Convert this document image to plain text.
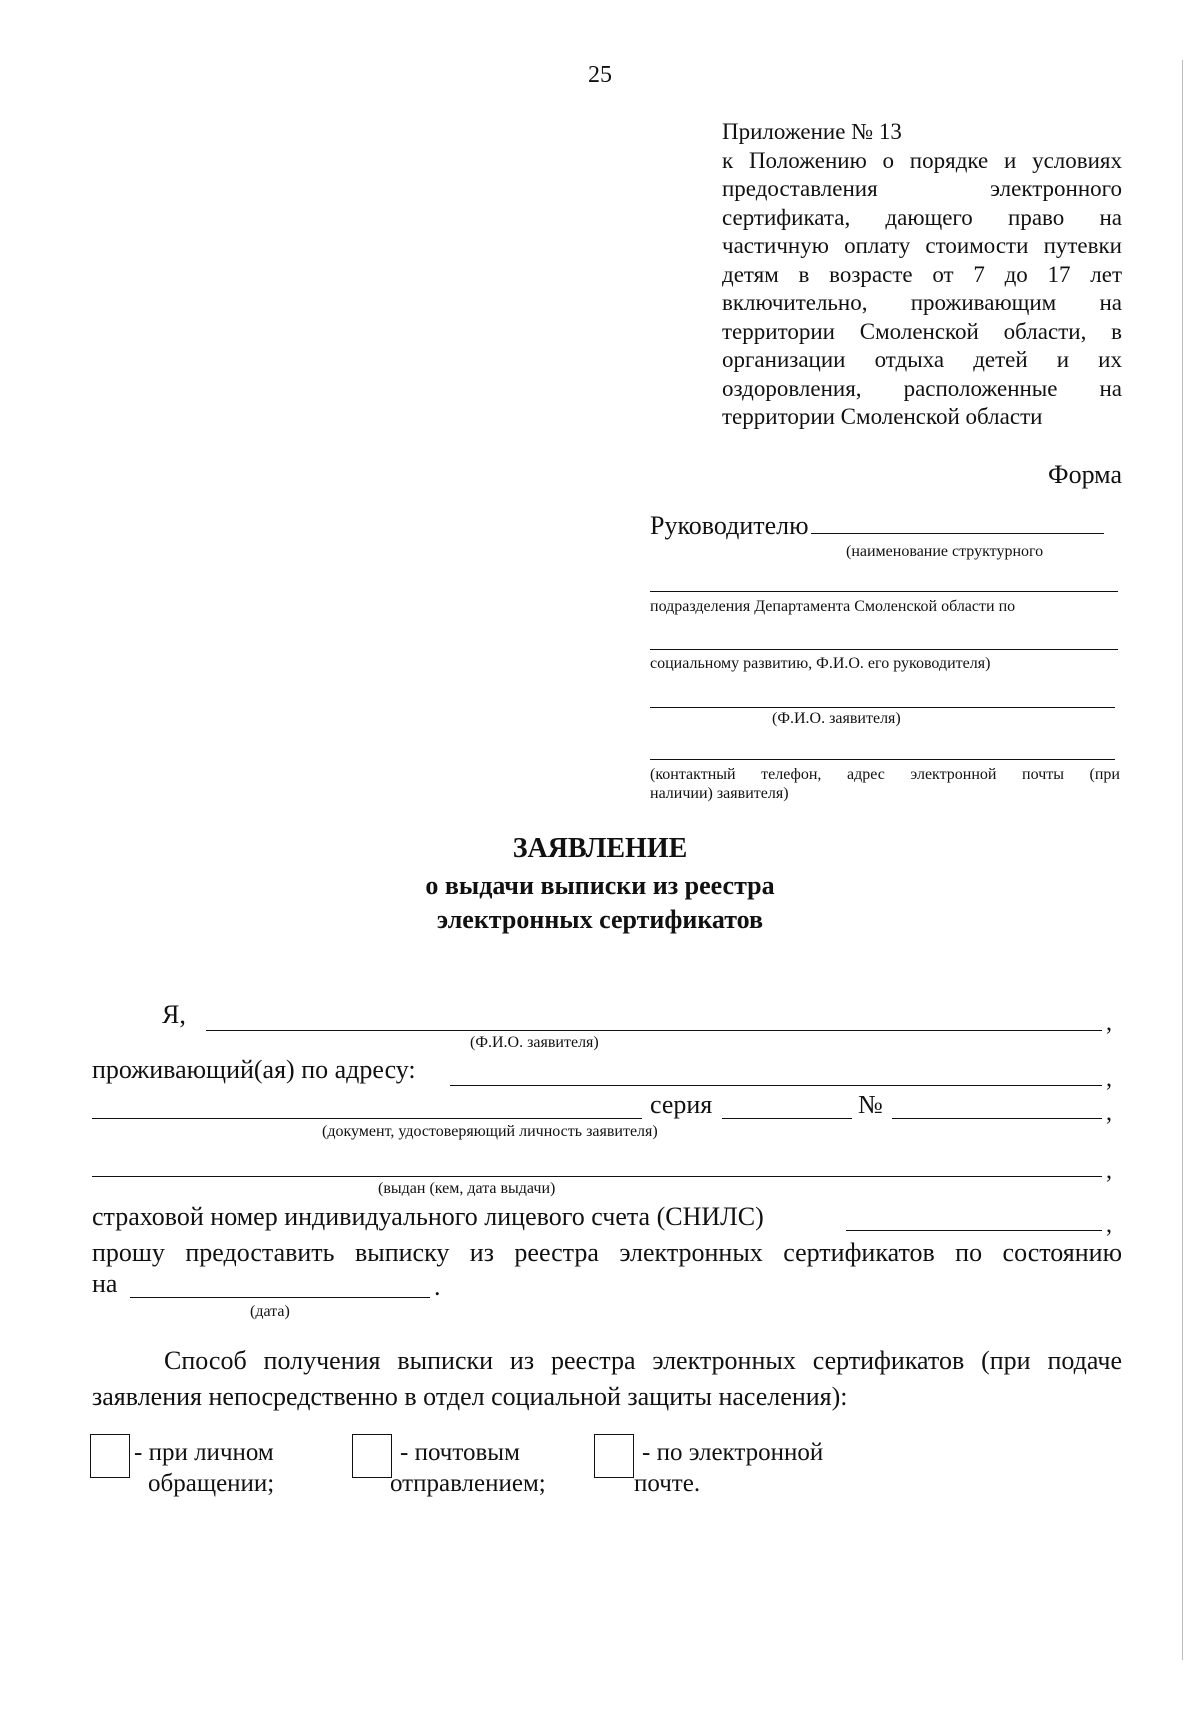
25
Приложение № 13
к Положению о порядке и условиях
предоставления электронного
сертификата, дающего право на
частичную оплату стоимости путевки
детям в возрасте от 7 до 17 лет
включительно, проживающим на
территории Смоленской области, в
организации отдыха детей и их
оздоровления, расположенные на
территории Смоленской области
Форма
Руководителю
(наименование структурного
подразделения Департамента Смоленской области по
социальному развитию, Ф.И.О. его руководителя)
(Ф.И.О. заявителя)
(контактный телефон, адрес электронной почты (при
наличии) заявителя)
ЗАЯВЛЕНИЕ
о выдачи выписки из реестра
электронных сертификатов
Я,	,
(Ф.И.О. заявителя)
проживающий(ая) по адресу:	,
серия	№	,
(документ, удостоверяющий личность заявителя)
,
(выдан (кем, дата выдачи)
страховой номер индивидуального лицевого счета (СНИЛС)	,
прошу предоставить выписку из реестра электронных сертификатов по состоянию
на	.
(дата)
Способ получения выписки из реестра электронных сертификатов (при подаче
заявления непосредственно в отдел социальной защиты населения):
- при личном
обращении;
- почтовым
отправлением;
- по электронной
почте.
